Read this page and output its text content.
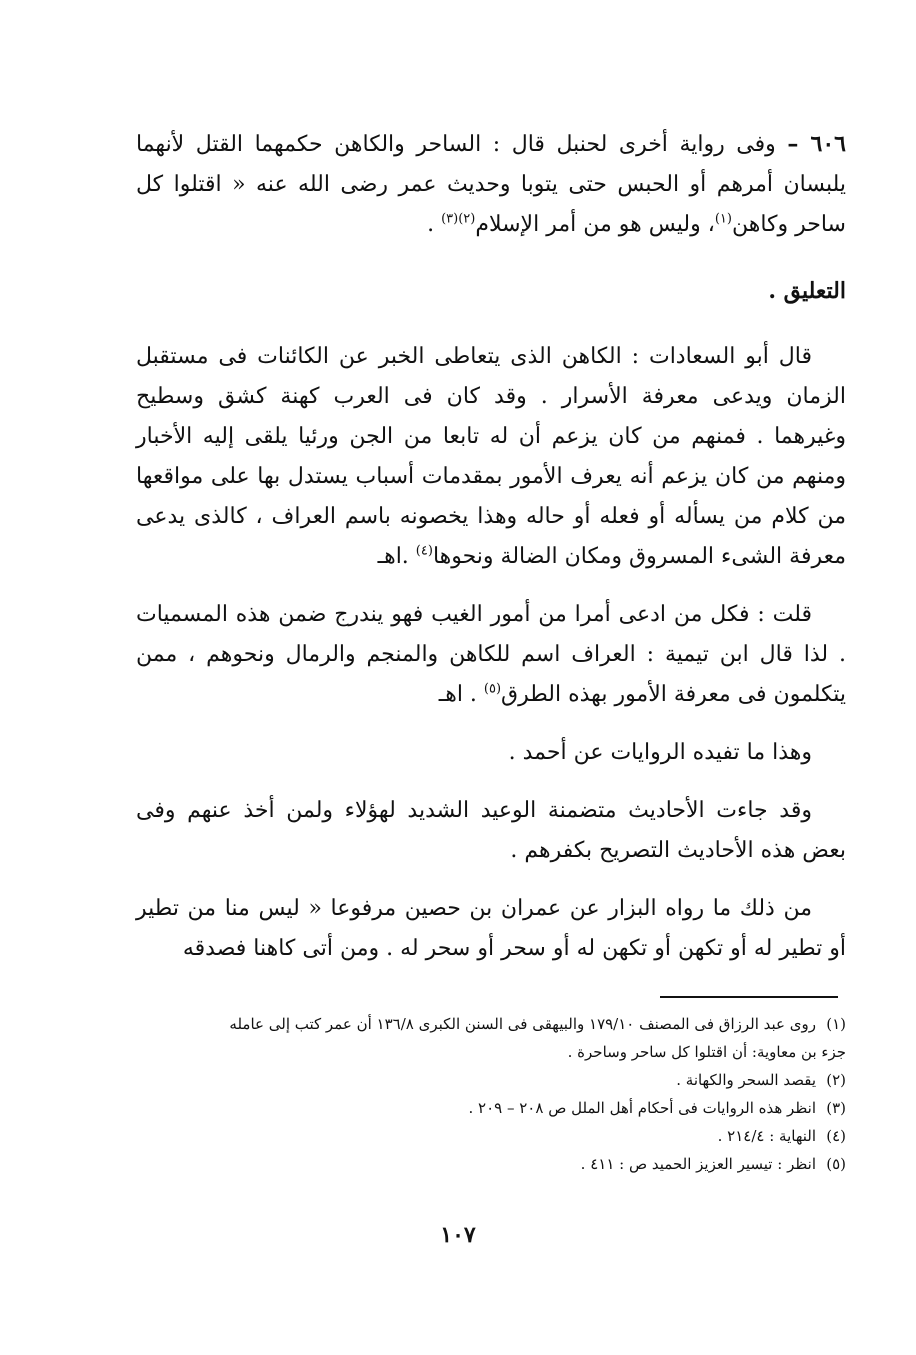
٦٠٦ – وفى رواية أخرى لحنبل قال : الساحر والكاهن حكمهما القتل لأنهما يلبسان أمرهم أو الحبس حتى يتوبا وحديث عمر رضى الله عنه « اقتلوا كل ساحر وكاهن$^{(١)}$، وليس هو من أمر الإسلام$^{(٢)(٣)}$ .

التعليق .

قال أبو السعادات : الكاهن الذى يتعاطى الخبر عن الكائنات فى مستقبل الزمان ويدعى معرفة الأسرار . وقد كان فى العرب كهنة كشق وسطيح وغيرهما . فمنهم من كان يزعم أن له تابعا من الجن ورئيا يلقى إليه الأخبار ومنهم من كان يزعم أنه يعرف الأمور بمقدمات أسباب يستدل بها على مواقعها من كلام من يسأله أو فعله أو حاله وهذا يخصونه باسم العراف ، كالذى يدعى معرفة الشىء المسروق ومكان الضالة ونحوها$^{(٤)}$ .اهـ

قلت : فكل من ادعى أمرا من أمور الغيب فهو يندرج ضمن هذه المسميات . لذا قال ابن تيمية : العراف اسم للكاهن والمنجم والرمال ونحوهم ، ممن يتكلمون فى معرفة الأمور بهذه الطرق$^{(٥)}$ . اهـ

وهذا ما تفيده الروايات عن أحمد .

وقد جاءت الأحاديث متضمنة الوعيد الشديد لهؤلاء ولمن أخذ عنهم وفى بعض هذه الأحاديث التصريح بكفرهم .

من ذلك ما رواه البزار عن عمران بن حصين مرفوعا « ليس منا من تطير أو تطير له أو تكهن أو تكهن له أو سحر أو سحر له . ومن أتى كاهنا فصدقه

(١)روى عبد الرزاق فى المصنف ١٧٩/١٠ والبيهقى فى السنن الكبرى ١٣٦/٨ أن عمر كتب إلى عامله

جزء بن معاوية: أن اقتلوا كل ساحر وساحرة .

(٢)يقصد السحر والكهانة .

(٣)انظر هذه الروايات فى أحكام أهل الملل ص ٢٠٨ – ٢٠٩ .

(٤)النهاية : ٢١٤/٤ .

(٥)انظر : تيسير العزيز الحميد ص : ٤١١ .

١٠٧
